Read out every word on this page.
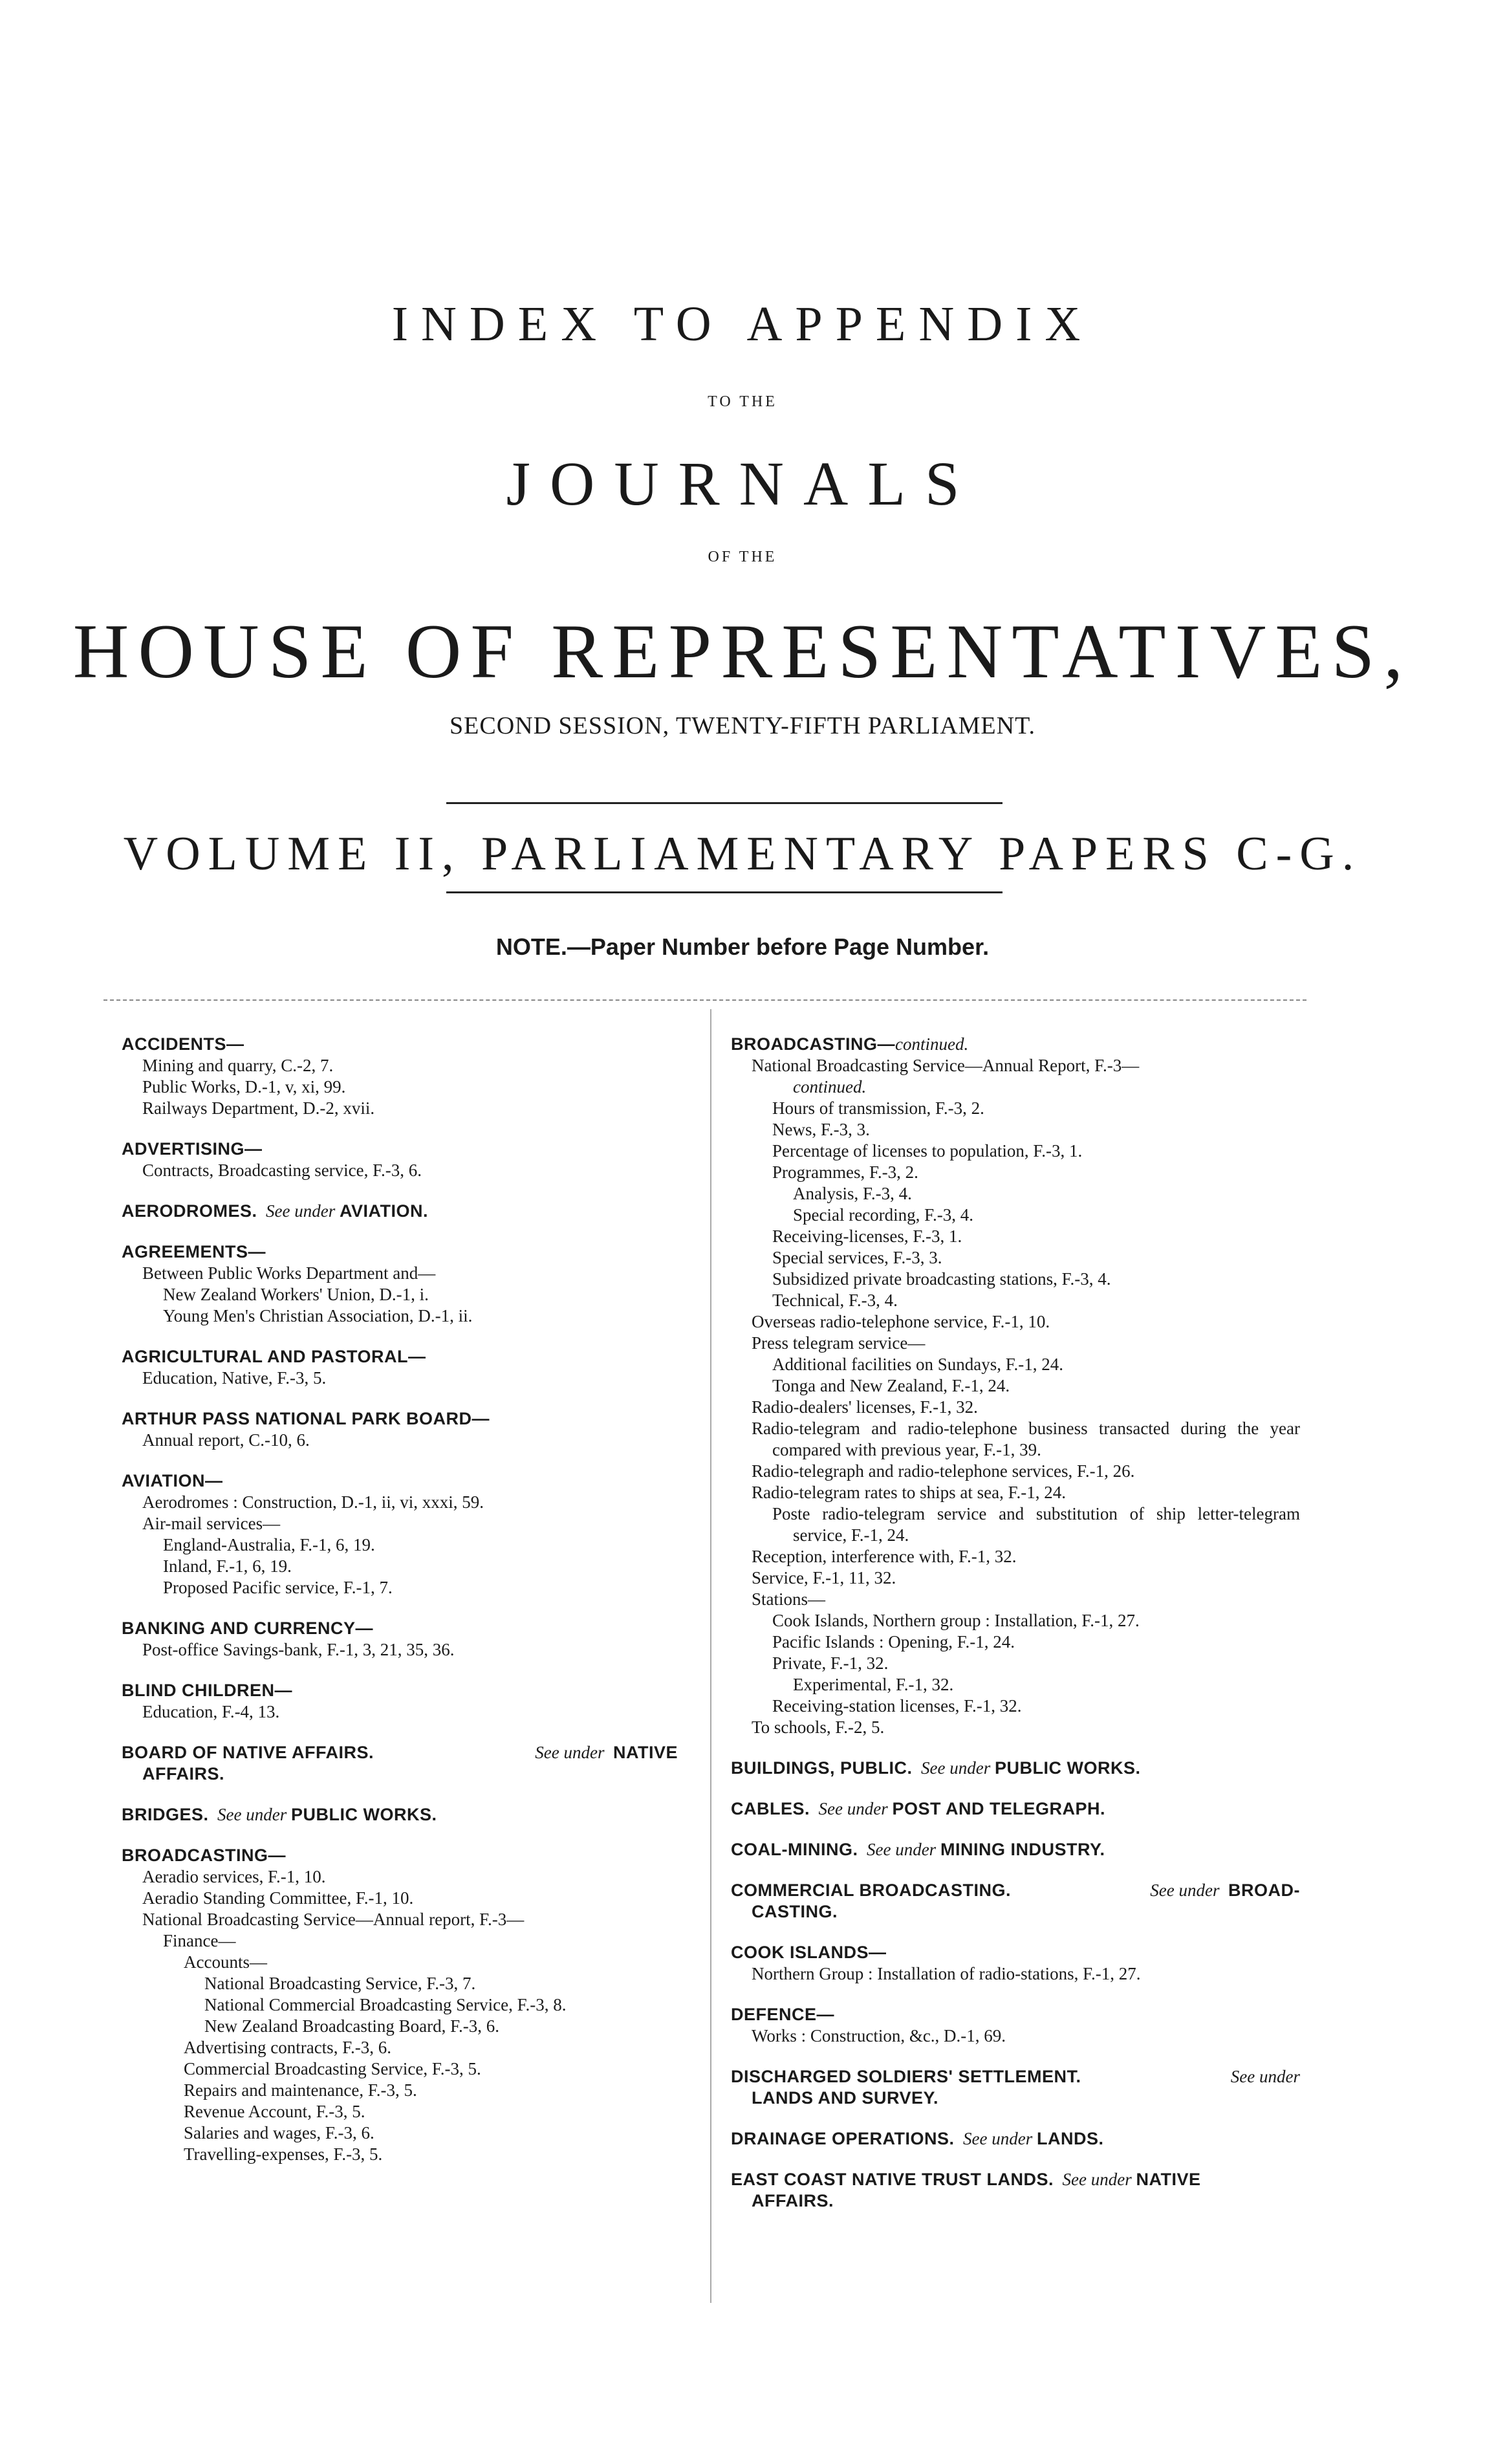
INDEX TO APPENDIX
TO THE
JOURNALS
OF THE
HOUSE OF REPRESENTATIVES,
SECOND SESSION, TWENTY-FIFTH PARLIAMENT.
VOLUME II, PARLIAMENTARY PAPERS C-G.
NOTE.—Paper Number before Page Number.
ACCIDENTS—
Mining and quarry, C.-2, 7.
Public Works, D.-1, v, xi, 99.
Railways Department, D.-2, xvii.
ADVERTISING—
Contracts, Broadcasting service, F.-3, 6.
AERODROMES. See under AVIATION.
AGREEMENTS—
Between Public Works Department and—
New Zealand Workers' Union, D.-1, i.
Young Men's Christian Association, D.-1, ii.
AGRICULTURAL AND PASTORAL—
Education, Native, F.-3, 5.
ARTHUR PASS NATIONAL PARK BOARD—
Annual report, C.-10, 6.
AVIATION—
Aerodromes : Construction, D.-1, ii, vi, xxxi, 59.
Air-mail services—
England-Australia, F.-1, 6, 19.
Inland, F.-1, 6, 19.
Proposed Pacific service, F.-1, 7.
BANKING AND CURRENCY—
Post-office Savings-bank, F.-1, 3, 21, 35, 36.
BLIND CHILDREN—
Education, F.-4, 13.
BOARD OF NATIVE AFFAIRS.	See under NATIVE
AFFAIRS.
BRIDGES. See under PUBLIC WORKS.
BROADCASTING—
Aeradio services, F.-1, 10.
Aeradio Standing Committee, F.-1, 10.
National Broadcasting Service—Annual report, F.-3—
Finance—
Accounts—
National Broadcasting Service, F.-3, 7.
National Commercial Broadcasting Service, F.-3, 8.
New Zealand Broadcasting Board, F.-3, 6.
Advertising contracts, F.-3, 6.
Commercial Broadcasting Service, F.-3, 5.
Repairs and maintenance, F.-3, 5.
Revenue Account, F.-3, 5.
Salaries and wages, F.-3, 6.
Travelling-expenses, F.-3, 5.
BROADCASTING—continued.
National Broadcasting Service—Annual Report, F.-3—
continued.
Hours of transmission, F.-3, 2.
News, F.-3, 3.
Percentage of licenses to population, F.-3, 1.
Programmes, F.-3, 2.
Analysis, F.-3, 4.
Special recording, F.-3, 4.
Receiving-licenses, F.-3, 1.
Special services, F.-3, 3.
Subsidized private broadcasting stations, F.-3, 4.
Technical, F.-3, 4.
Overseas radio-telephone service, F.-1, 10.
Press telegram service—
Additional facilities on Sundays, F.-1, 24.
Tonga and New Zealand, F.-1, 24.
Radio-dealers' licenses, F.-1, 32.
Radio-telegram and radio-telephone business transacted during the year compared with previous year, F.-1, 39.
Radio-telegraph and radio-telephone services, F.-1, 26.
Radio-telegram rates to ships at sea, F.-1, 24.
Poste radio-telegram service and substitution of ship letter-telegram service, F.-1, 24.
Reception, interference with, F.-1, 32.
Service, F.-1, 11, 32.
Stations—
Cook Islands, Northern group : Installation, F.-1, 27.
Pacific Islands : Opening, F.-1, 24.
Private, F.-1, 32.
Experimental, F.-1, 32.
Receiving-station licenses, F.-1, 32.
To schools, F.-2, 5.
BUILDINGS, PUBLIC. See under PUBLIC WORKS.
CABLES. See under POST AND TELEGRAPH.
COAL-MINING. See under MINING INDUSTRY.
COMMERCIAL BROADCASTING.	See under BROAD-
CASTING.
COOK ISLANDS—
Northern Group : Installation of radio-stations, F.-1, 27.
DEFENCE—
Works : Construction, &c., D.-1, 69.
DISCHARGED SOLDIERS' SETTLEMENT.	See under
LANDS AND SURVEY.
DRAINAGE OPERATIONS. See under LANDS.
EAST COAST NATIVE TRUST LANDS. See under NATIVE
AFFAIRS.
